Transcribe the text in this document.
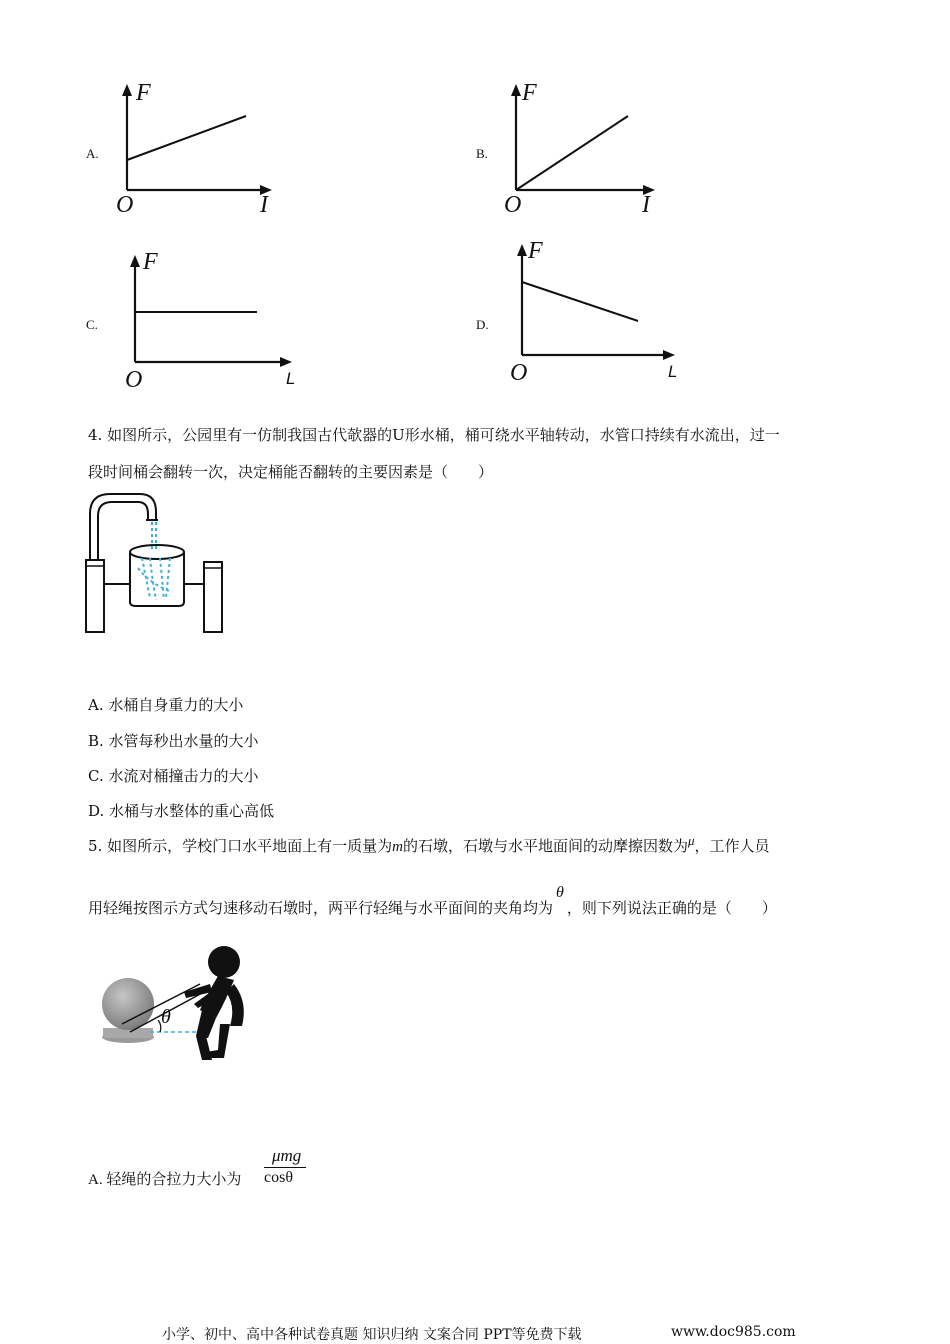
A.
F
O	I
B.
F
O	I
C.
F
O	L
D.
F
O	L
4. 如图所示，公园里有一仿制我国古代欹器的U形水桶，桶可绕水平轴转动，水管口持续有水流出，过一
段时间桶会翻转一次，决定桶能否翻转的主要因素是（　　）
A. 水桶自身重力的大小
B. 水管每秒出水量的大小
C. 水流对桶撞击力的大小
D. 水桶与水整体的重心高低
5. 如图所示，学校门口水平地面上有一质量为m的石墩，石墩与水平地面间的动摩擦因数为μ，工作人员
用轻绳按图示方式匀速移动石墩时，两平行轻绳与水平面间的夹角均为θ，则下列说法正确的是（　　）
θ
A. 轻绳的合拉力大小为
μmg
cosθ
小学、初中、高中各种试卷真题 知识归纳 文案合同 PPT等免费下载	www.doc985.com
